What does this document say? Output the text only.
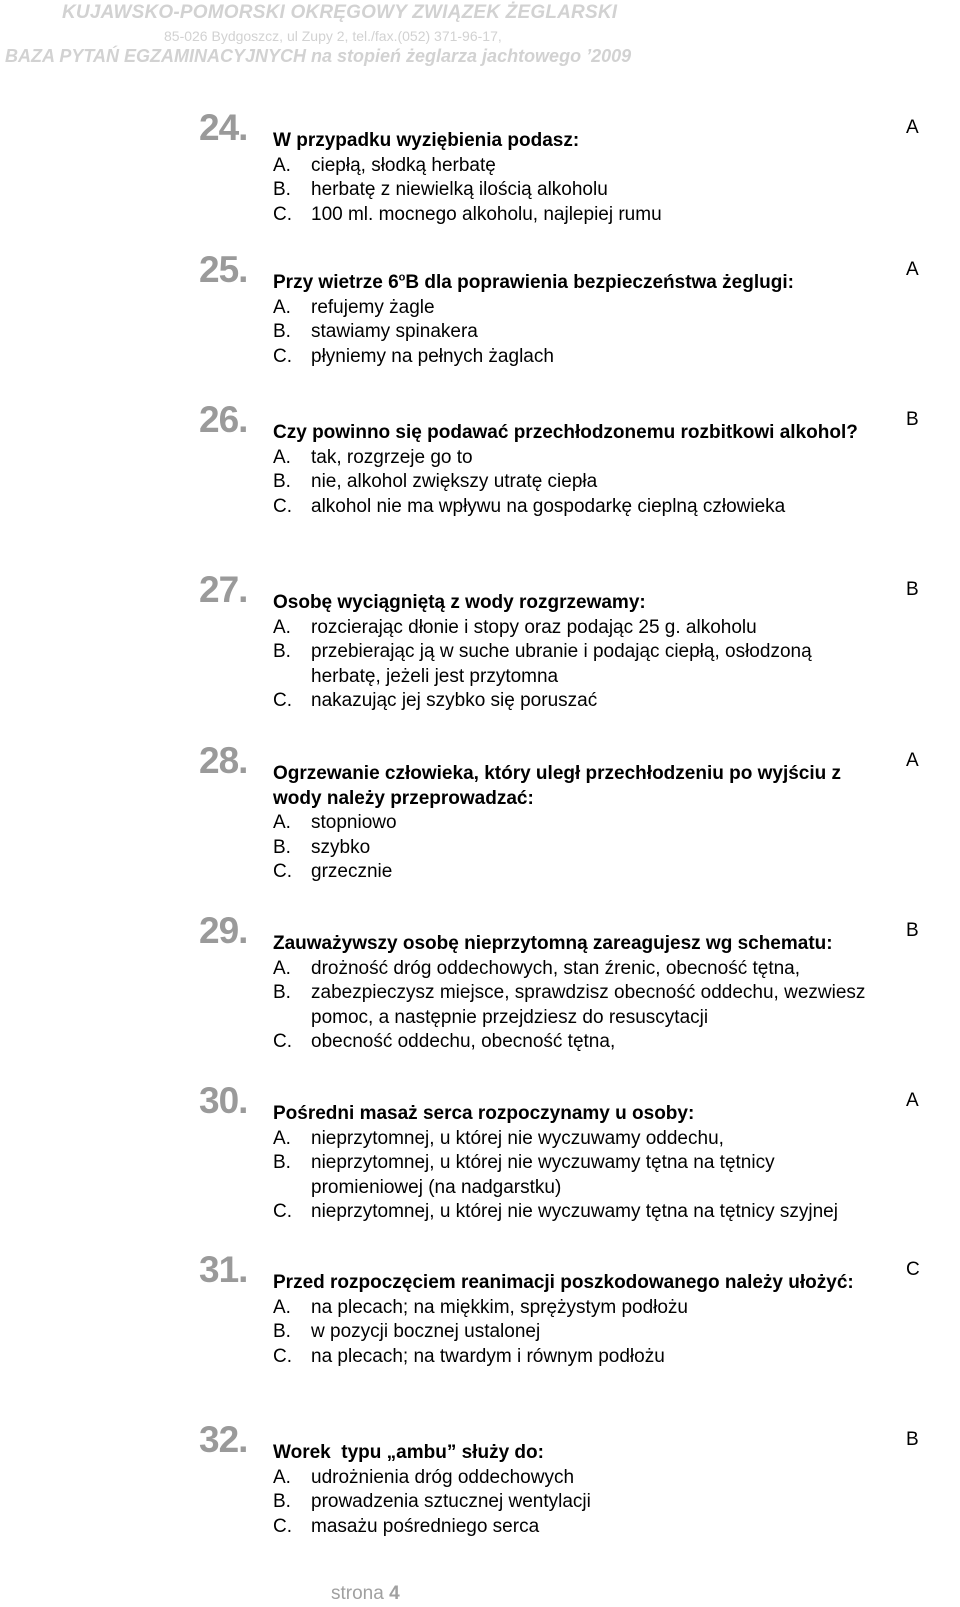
KUJAWSKO-POMORSKI OKRĘGOWY ZWIĄZEK ŻEGLARSKI
85-026 Bydgoszcz, ul Zupy 2, tel./fax.(052) 371-96-17,
BAZA PYTAŃ EGZAMINACYJNYCH na stopień żeglarza jachtowego ’2009
24.	A
W przypadku wyziębienia podasz:
A. ciepłą, słodką herbatę
B. herbatę z niewielką ilością alkoholu
C. 100 ml. mocnego alkoholu, najlepiej rumu
25.	A
Przy wietrze 6$^o$B dla poprawienia bezpieczeństwa żeglugi:
A. refujemy żagle
B. stawiamy spinakera
C. płyniemy na pełnych żaglach
26.	B
Czy powinno się podawać przechłodzonemu rozbitkowi alkohol?
A. tak, rozgrzeje go to
B. nie, alkohol zwiększy utratę ciepła
C. alkohol nie ma wpływu na gospodarkę cieplną człowieka
27.	B
Osobę wyciągniętą z wody rozgrzewamy:
A. rozcierając dłonie i stopy oraz podając 25 g. alkoholu
B. przebierając ją w suche ubranie i podając ciepłą, osłodzoną herbatę, jeżeli jest przytomna
C. nakazując jej szybko się poruszać
28.	A
Ogrzewanie człowieka, który uległ przechłodzeniu po wyjściu z wody należy przeprowadzać:
A. stopniowo
B. szybko
C. grzecznie
29.	B
Zauważywszy osobę nieprzytomną zareagujesz wg schematu:
A. drożność dróg oddechowych, stan źrenic, obecność tętna,
B. zabezpieczysz miejsce, sprawdzisz obecność oddechu, wezwiesz pomoc, a następnie przejdziesz do resuscytacji
C. obecność oddechu, obecność tętna,
30.	A
Pośredni masaż serca rozpoczynamy u osoby:
A. nieprzytomnej, u której nie wyczuwamy oddechu,
B. nieprzytomnej, u której nie wyczuwamy tętna na tętnicy promieniowej (na nadgarstku)
C. nieprzytomnej, u której nie wyczuwamy tętna na tętnicy szyjnej
31.	C
Przed rozpoczęciem reanimacji poszkodowanego należy ułożyć:
A. na plecach; na miękkim, sprężystym podłożu
B. w pozycji bocznej ustalonej
C. na plecach; na twardym i równym podłożu
32.	B
Worek  typu „ambu” służy do:
A. udrożnienia dróg oddechowych
B. prowadzenia sztucznej wentylacji
C. masażu pośredniego serca
strona 4
